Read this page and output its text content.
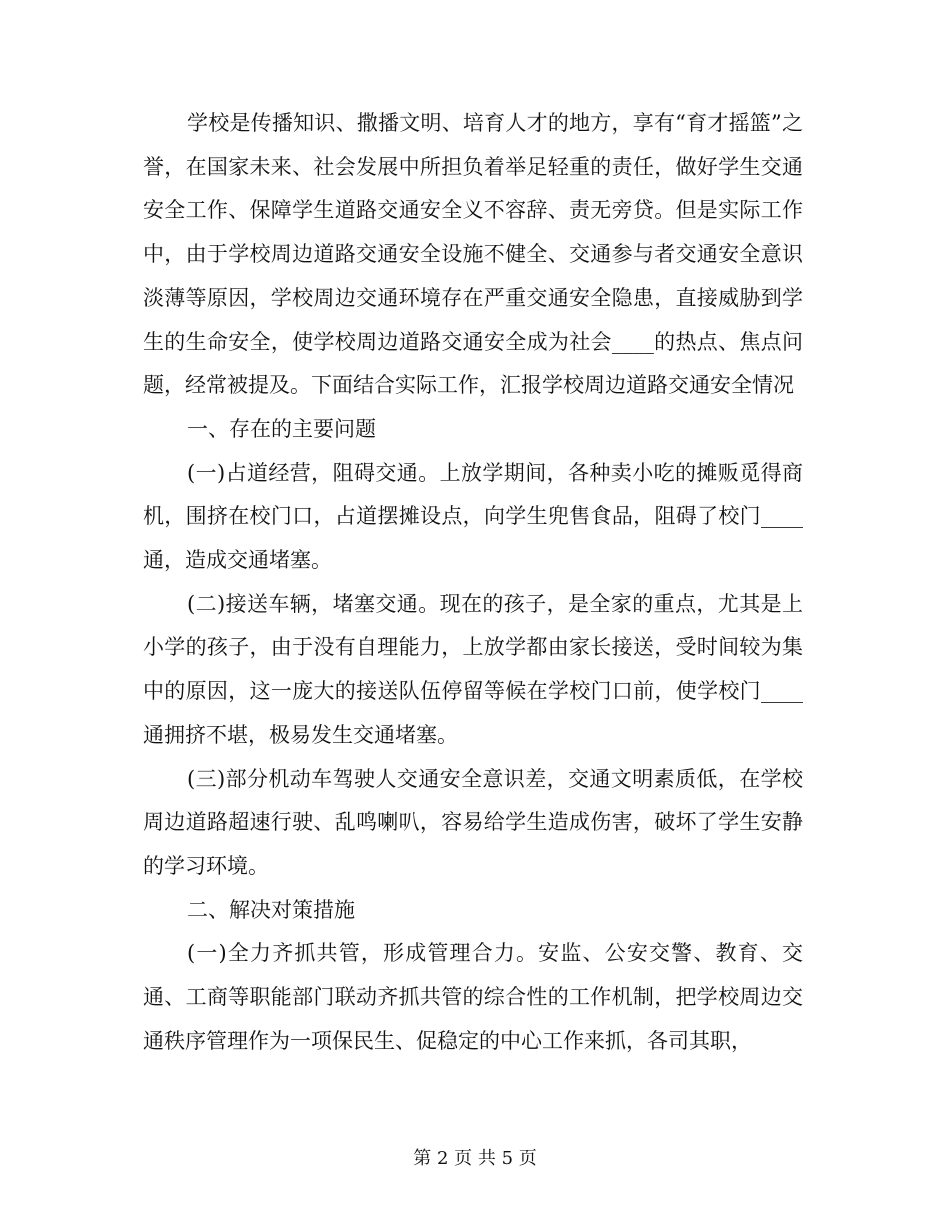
学校是传播知识、撒播文明、培育人才的地方，享有“育才摇篮”之誉，在国家未来、社会发展中所担负着举足轻重的责任，做好学生交通安全工作、保障学生道路交通安全义不容辞、责无旁贷。但是实际工作中，由于学校周边道路交通安全设施不健全、交通参与者交通安全意识淡薄等原因，学校周边交通环境存在严重交通安全隐患，直接威胁到学生的生命安全，使学校周边道路交通安全成为社会____的热点、焦点问题，经常被提及。下面结合实际工作，汇报学校周边道路交通安全情况

一、存在的主要问题

(一)占道经营，阻碍交通。上放学期间，各种卖小吃的摊贩觅得商机，围挤在校门口，占道摆摊设点，向学生兜售食品，阻碍了校门____通，造成交通堵塞。

(二)接送车辆，堵塞交通。现在的孩子，是全家的重点，尤其是上小学的孩子，由于没有自理能力，上放学都由家长接送，受时间较为集中的原因，这一庞大的接送队伍停留等候在学校门口前，使学校门____通拥挤不堪，极易发生交通堵塞。

(三)部分机动车驾驶人交通安全意识差，交通文明素质低，在学校周边道路超速行驶、乱鸣喇叭，容易给学生造成伤害，破坏了学生安静的学习环境。

二、解决对策措施

(一)全力齐抓共管，形成管理合力。安监、公安交警、教育、交通、工商等职能部门联动齐抓共管的综合性的工作机制，把学校周边交通秩序管理作为一项保民生、促稳定的中心工作来抓，各司其职，

第 2 页 共 5 页
